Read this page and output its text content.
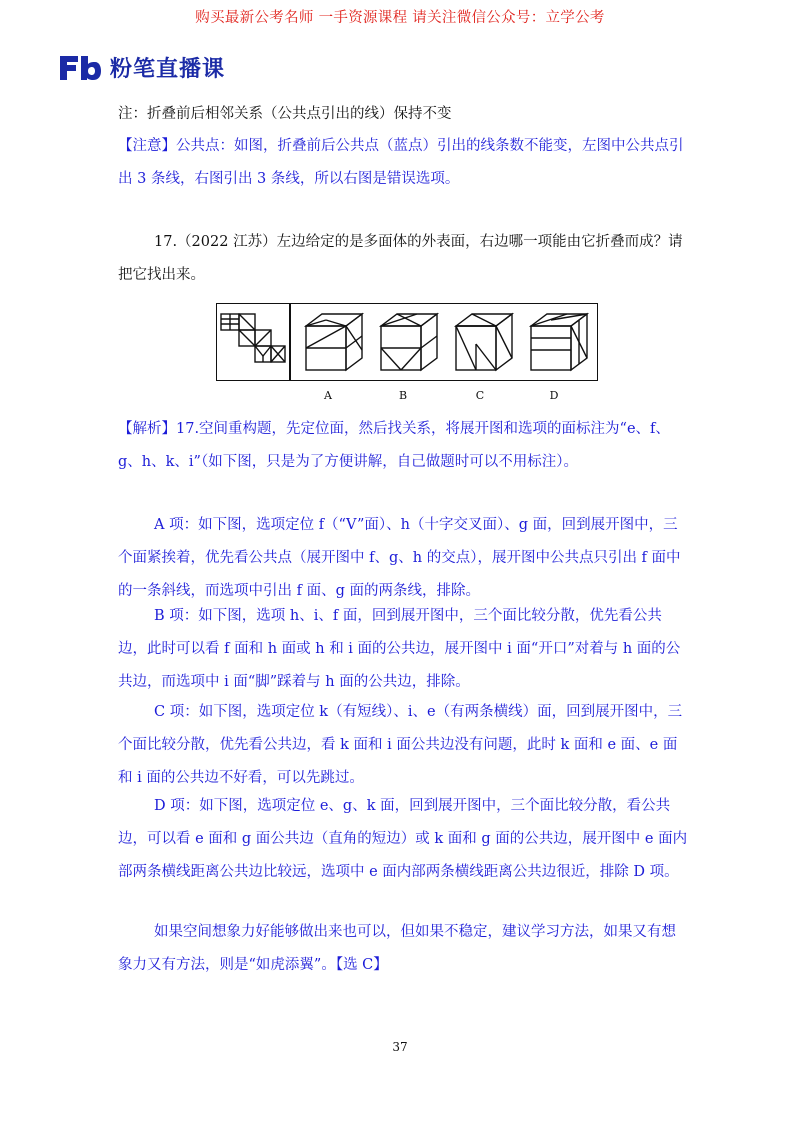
购买最新公考名师 一手资源课程 请关注微信公众号：立学公考
粉笔直播课

注：折叠前后相邻关系（公共点引出的线）保持不变

【注意】公共点：如图，折叠前后公共点（蓝点）引出的线条数不能变，左图中公共点引出 3 条线，右图引出 3 条线，所以右图是错误选项。

17.（2022 江苏）左边给定的是多面体的外表面，右边哪一项能由它折叠而成？请把它找出来。

A	B	C	D

【解析】17.空间重构题，先定位面，然后找关系，将展开图和选项的面标注为“e、f、g、h、k、i”（如下图，只是为了方便讲解，自己做题时可以不用标注）。

A 项：如下图，选项定位 f（“V”面）、h（十字交叉面）、g 面，回到展开图中，三个面紧挨着，优先看公共点（展开图中 f、g、h 的交点），展开图中公共点只引出 f 面中的一条斜线，而选项中引出 f 面、g 面的两条线，排除。

B 项：如下图，选项 h、i、f 面，回到展开图中，三个面比较分散，优先看公共边，此时可以看 f 面和 h 面或 h 和 i 面的公共边，展开图中 i 面“开口”对着与 h 面的公共边，而选项中 i 面“脚”踩着与 h 面的公共边，排除。

C 项：如下图，选项定位 k（有短线）、i、e（有两条横线）面，回到展开图中，三个面比较分散，优先看公共边，看 k 面和 i 面公共边没有问题，此时 k 面和 e 面、e 面和 i 面的公共边不好看，可以先跳过。

D 项：如下图，选项定位 e、g、k 面，回到展开图中，三个面比较分散，看公共边，可以看 e 面和 g 面公共边（直角的短边）或 k 面和 g 面的公共边，展开图中 e 面内部两条横线距离公共边比较远，选项中 e 面内部两条横线距离公共边很近，排除 D 项。

如果空间想象力好能够做出来也可以，但如果不稳定，建议学习方法，如果又有想象力又有方法，则是“如虎添翼”。【选 C】

37
